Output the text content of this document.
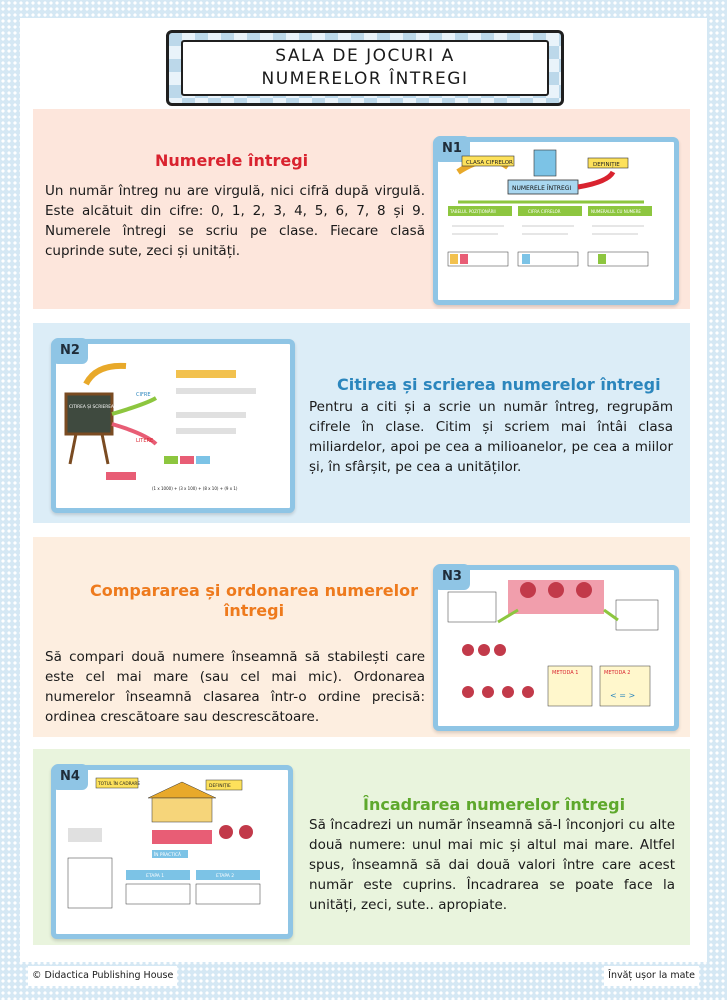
SALA DE JOCURI A
NUMERELOR ÎNTREGI
Numerele întregi
Un număr întreg nu are virgulă, nici cifră după virgulă. Este alcătuit din cifre: 0, 1, 2, 3, 4, 5, 6, 7, 8 și 9. Numerele întregi se scriu pe clase. Fiecare clasă cuprinde sute, zeci și unități.
N1
CLASA CIFRELOR	DEFINIȚIE
NUMERELE ÎNTREGI
TABELUL POZIȚIONĂRII	CIFRA CIFRELOR	NUMERALUL CU NUMERE
N2
CITIREA ȘI SCRIEREA NUMERELOR ÎNTREGI
CIFRE
LITERE
(1 x 1000) + (3 x 100) + (8 x 10) + (9 x 1)
Citirea și scrierea numerelor întregi
Pentru a citi și a scrie un număr întreg, regrupăm cifrele în clase. Citim și scriem mai întâi clasa miliardelor, apoi pe cea a milioanelor, pe cea a miilor și, în sfârșit, pe cea a unităților.
Compararea și ordonarea numerelor întregi
Să compari două numere înseamnă să stabilești care este cel mai mare (sau cel mai mic). Ordonarea numerelor înseamnă clasarea într-o ordine precisă: ordinea crescătoare sau descrescătoare.
N3
METODA 1	METODA 2
< = >
N4
TOTUL ÎN CADRARE	DEFINIȚIE
ÎN PRACTICĂ
ETAPA 1	ETAPA 2
Încadrarea numerelor întregi
Să încadrezi un număr înseamnă să-l înconjori cu alte două numere: unul mai mic și altul mai mare. Altfel spus, înseamnă să dai două valori între care acest număr este cuprins. Încadrarea se poate face la unități, zeci, sute.. apropiate.
© Didactica Publishing House	Învăț ușor la mate
